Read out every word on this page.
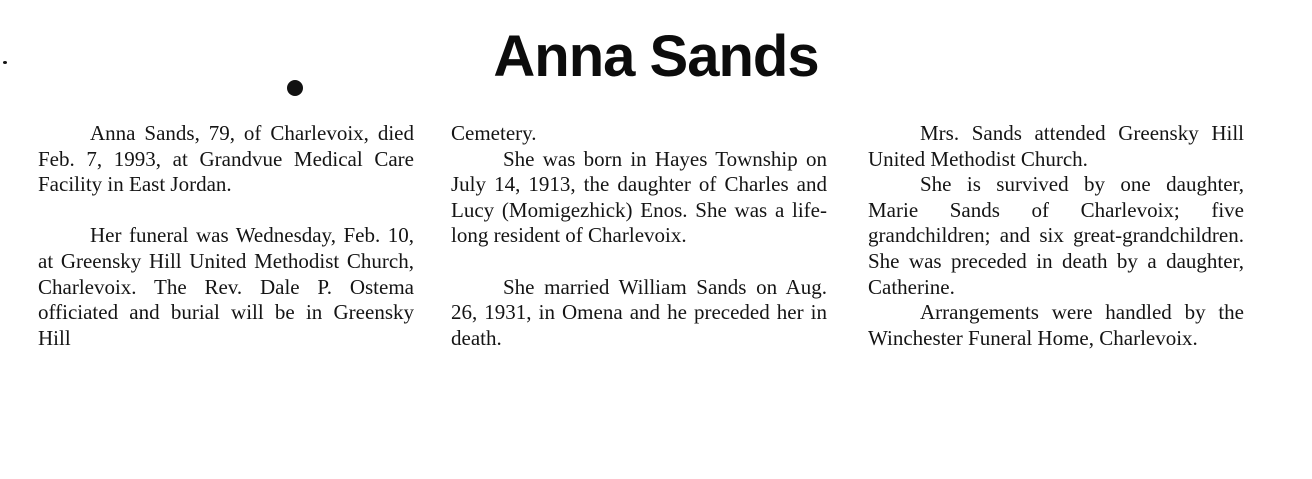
Anna Sands

Anna Sands, 79, of Charlevoix, died Feb. 7, 1993, at Grandvue Medical Care Facility in East Jordan.

Her funeral was Wednesday, Feb. 10, at Greensky Hill United Methodist Church, Charlevoix. The Rev. Dale P. Ostema officiated and burial will be in Greensky Hill

Cemetery.

She was born in Hayes Township on July 14, 1913, the daughter of Charles and Lucy (Momigezhick) Enos. She was a life-long resident of Charlevoix.

She married William Sands on Aug. 26, 1931, in Omena and he preceded her in death.

Mrs. Sands attended Greensky Hill United Methodist Church.

She is survived by one daughter, Marie Sands of Charlevoix; five grandchildren; and six great-grandchildren. She was preceded in death by a daughter, Catherine.

Arrangements were handled by the Winchester Funeral Home, Charlevoix.
